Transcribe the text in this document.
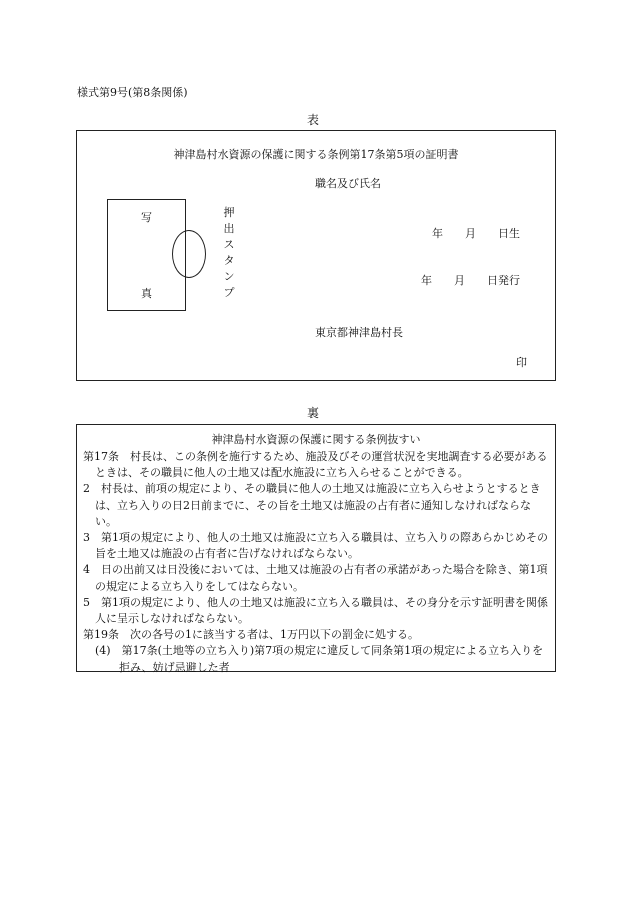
様式第9号(第8条関係)
表
神津島村水資源の保護に関する条例第17条第5項の証明書
職名及び氏名
写
真
押出スタンプ
年 月 日生
年 月 日発行
東京都神津島村長
印
裏
神津島村水資源の保護に関する条例抜すい
第17条　村長は、この条例を施行するため、施設及びその運営状況を実地調査する必要があるときは、その職員に他人の土地又は配水施設に立ち入らせることができる。
2　村長は、前項の規定により、その職員に他人の土地又は施設に立ち入らせようとするときは、立ち入りの日2日前までに、その旨を土地又は施設の占有者に通知しなければならない。
3　第1項の規定により、他人の土地又は施設に立ち入る職員は、立ち入りの際あらかじめその旨を土地又は施設の占有者に告げなければならない。
4　日の出前又は日没後においては、土地又は施設の占有者の承諾があった場合を除き、第1項の規定による立ち入りをしてはならない。
5　第1項の規定により、他人の土地又は施設に立ち入る職員は、その身分を示す証明書を関係人に呈示しなければならない。
第19条　次の各号の1に該当する者は、1万円以下の罰金に処する。
(4)　第17条(土地等の立ち入り)第7項の規定に違反して同条第1項の規定による立ち入りを拒み、妨げ忌避した者
